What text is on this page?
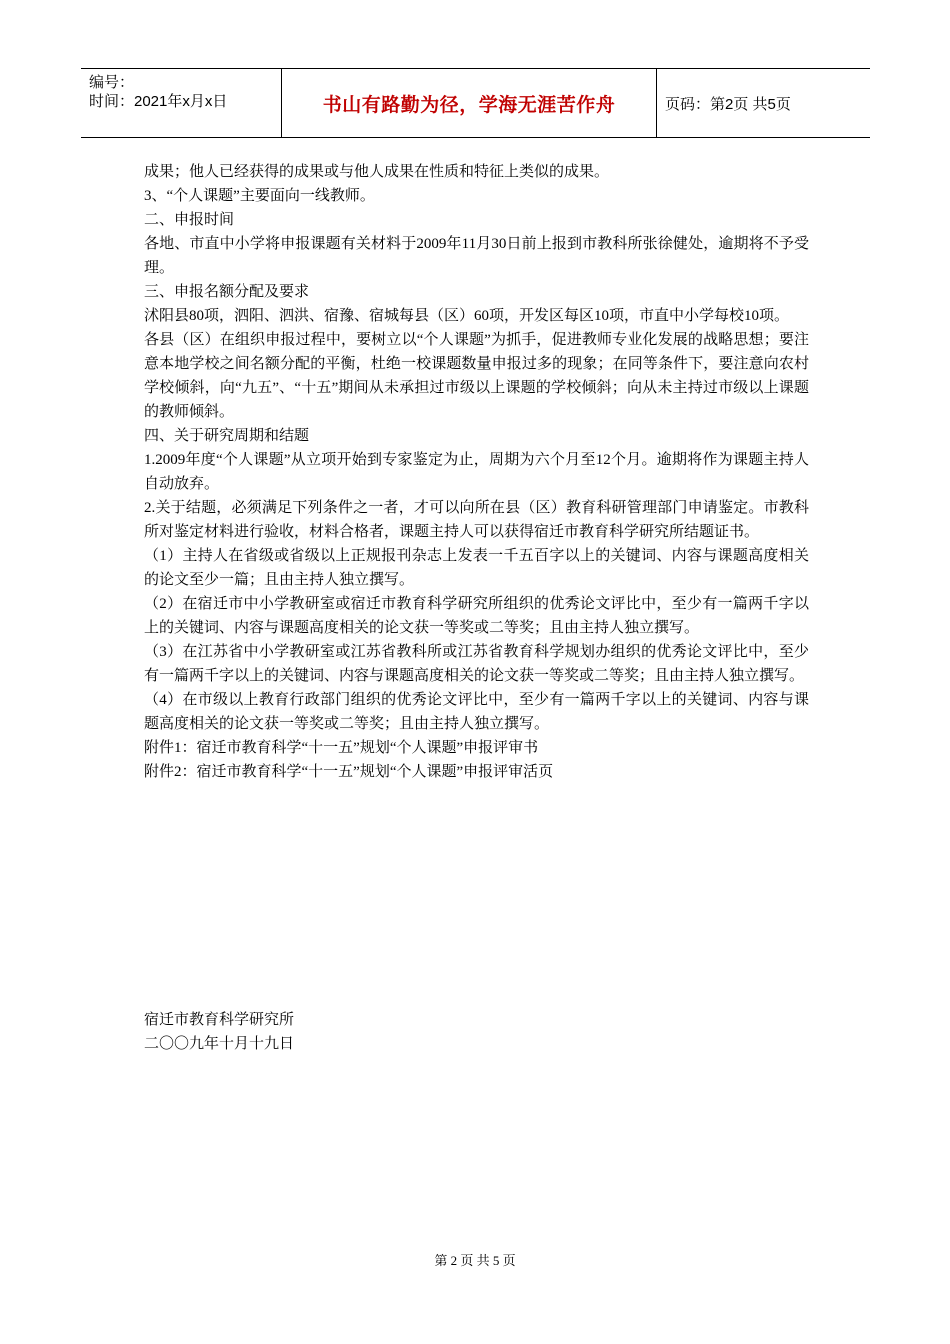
编号：
时间：2021年x月x日	书山有路勤为径，学海无涯苦作舟	页码：第2页 共5页

成果；他人已经获得的成果或与他人成果在性质和特征上类似的成果。

3、“个人课题”主要面向一线教师。

二、申报时间

各地、市直中小学将申报课题有关材料于2009年11月30日前上报到市教科所张徐健处，逾期将不予受理。

三、申报名额分配及要求

沭阳县80项，泗阳、泗洪、宿豫、宿城每县（区）60项，开发区每区10项，市直中小学每校10项。

各县（区）在组织申报过程中，要树立以“个人课题”为抓手，促进教师专业化发展的战略思想；要注意本地学校之间名额分配的平衡，杜绝一校课题数量申报过多的现象；在同等条件下，要注意向农村学校倾斜，向“九五”、“十五”期间从未承担过市级以上课题的学校倾斜；向从未主持过市级以上课题的教师倾斜。

四、关于研究周期和结题

1.2009年度“个人课题”从立项开始到专家鉴定为止，周期为六个月至12个月。逾期将作为课题主持人自动放弃。

2.关于结题，必须满足下列条件之一者，才可以向所在县（区）教育科研管理部门申请鉴定。市教科所对鉴定材料进行验收，材料合格者，课题主持人可以获得宿迁市教育科学研究所结题证书。

（1）主持人在省级或省级以上正规报刊杂志上发表一千五百字以上的关键词、内容与课题高度相关的论文至少一篇；且由主持人独立撰写。

（2）在宿迁市中小学教研室或宿迁市教育科学研究所组织的优秀论文评比中，至少有一篇两千字以上的关键词、内容与课题高度相关的论文获一等奖或二等奖；且由主持人独立撰写。

（3）在江苏省中小学教研室或江苏省教科所或江苏省教育科学规划办组织的优秀论文评比中，至少有一篇两千字以上的关键词、内容与课题高度相关的论文获一等奖或二等奖；且由主持人独立撰写。

（4）在市级以上教育行政部门组织的优秀论文评比中，至少有一篇两千字以上的关键词、内容与课题高度相关的论文获一等奖或二等奖；且由主持人独立撰写。

附件1：宿迁市教育科学“十一五”规划“个人课题”申报评审书

附件2：宿迁市教育科学“十一五”规划“个人课题”申报评审活页

宿迁市教育科学研究所
二〇〇九年十月十九日
第 2 页 共 5 页
